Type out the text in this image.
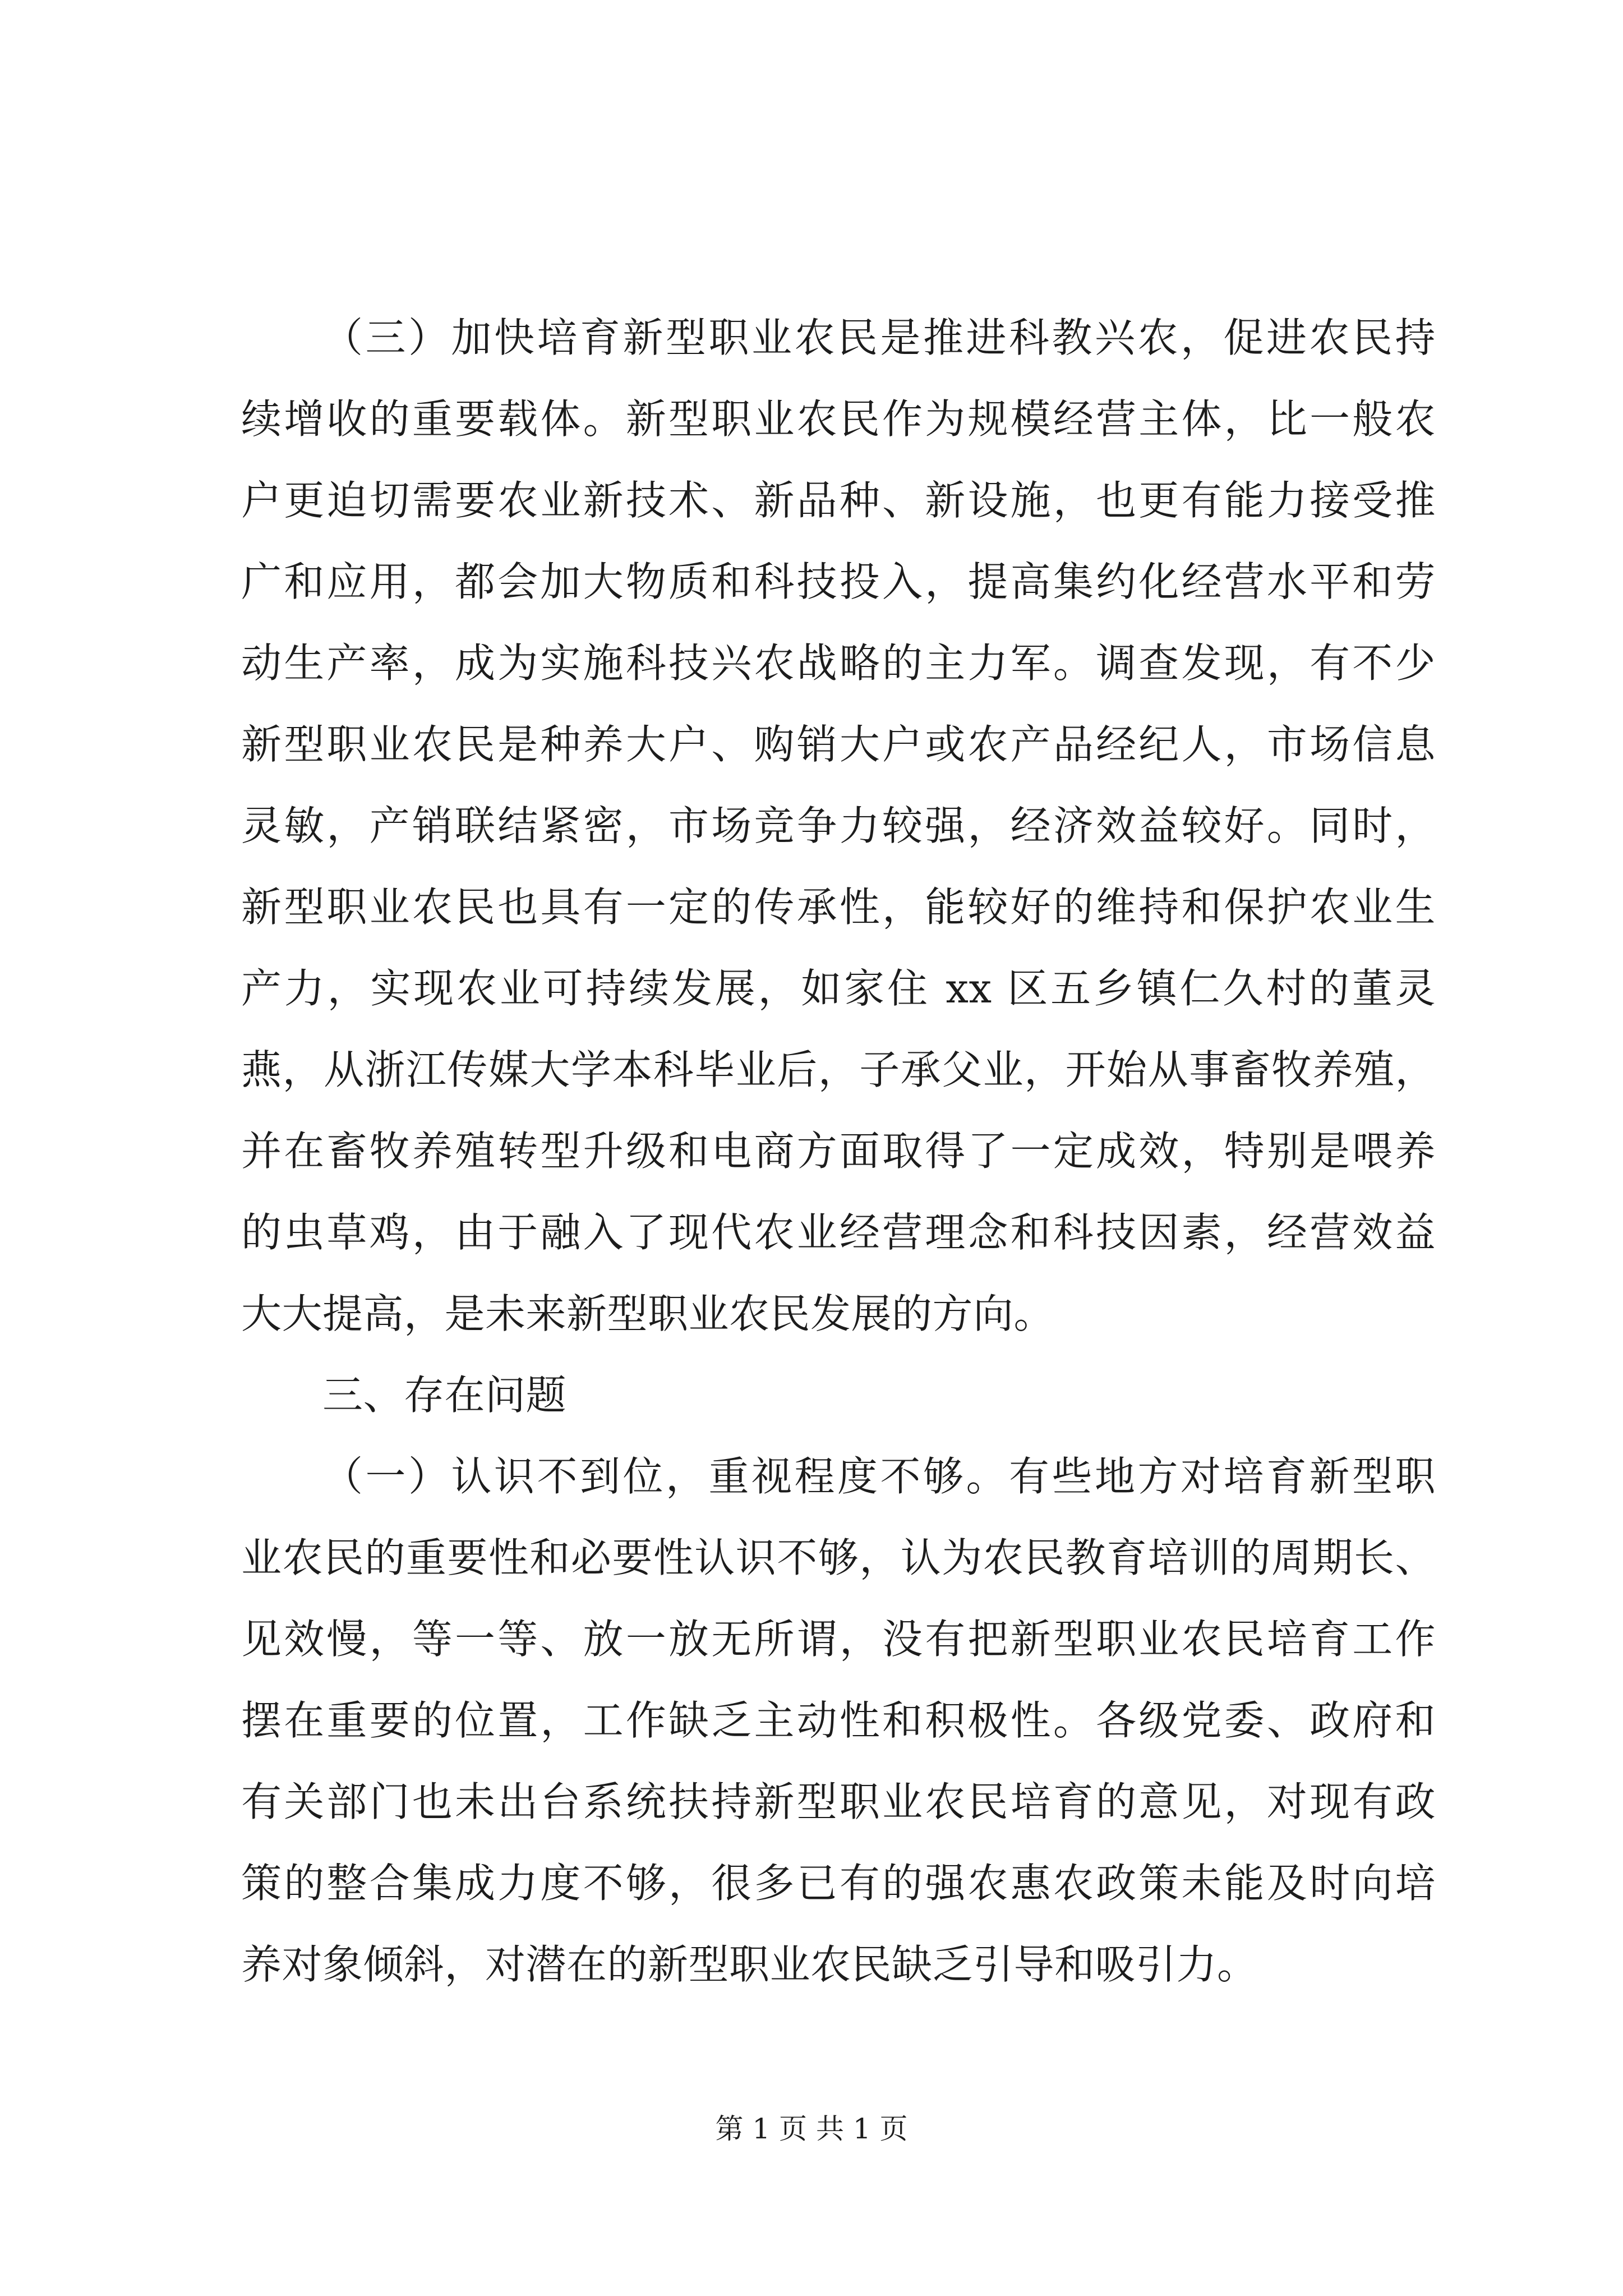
（三）加快培育新型职业农民是推进科教兴农，促进农民持
续增收的重要载体。新型职业农民作为规模经营主体，比一般农
户更迫切需要农业新技术、新品种、新设施，也更有能力接受推
广和应用，都会加大物质和科技投入，提高集约化经营水平和劳
动生产率，成为实施科技兴农战略的主力军。调查发现，有不少
新型职业农民是种养大户、购销大户或农产品经纪人，市场信息
灵敏，产销联结紧密，市场竞争力较强，经济效益较好。同时，
新型职业农民也具有一定的传承性，能较好的维持和保护农业生
产力，实现农业可持续发展，如家住 xx 区五乡镇仁久村的董灵
燕，从浙江传媒大学本科毕业后，子承父业，开始从事畜牧养殖，
并在畜牧养殖转型升级和电商方面取得了一定成效，特别是喂养
的虫草鸡，由于融入了现代农业经营理念和科技因素，经营效益
大大提高，是未来新型职业农民发展的方向。
三、存在问题
（一）认识不到位，重视程度不够。有些地方对培育新型职
业农民的重要性和必要性认识不够，认为农民教育培训的周期长、
见效慢，等一等、放一放无所谓，没有把新型职业农民培育工作
摆在重要的位置，工作缺乏主动性和积极性。各级党委、政府和
有关部门也未出台系统扶持新型职业农民培育的意见，对现有政
策的整合集成力度不够，很多已有的强农惠农政策未能及时向培
养对象倾斜，对潜在的新型职业农民缺乏引导和吸引力。
第 1 页 共 1 页
